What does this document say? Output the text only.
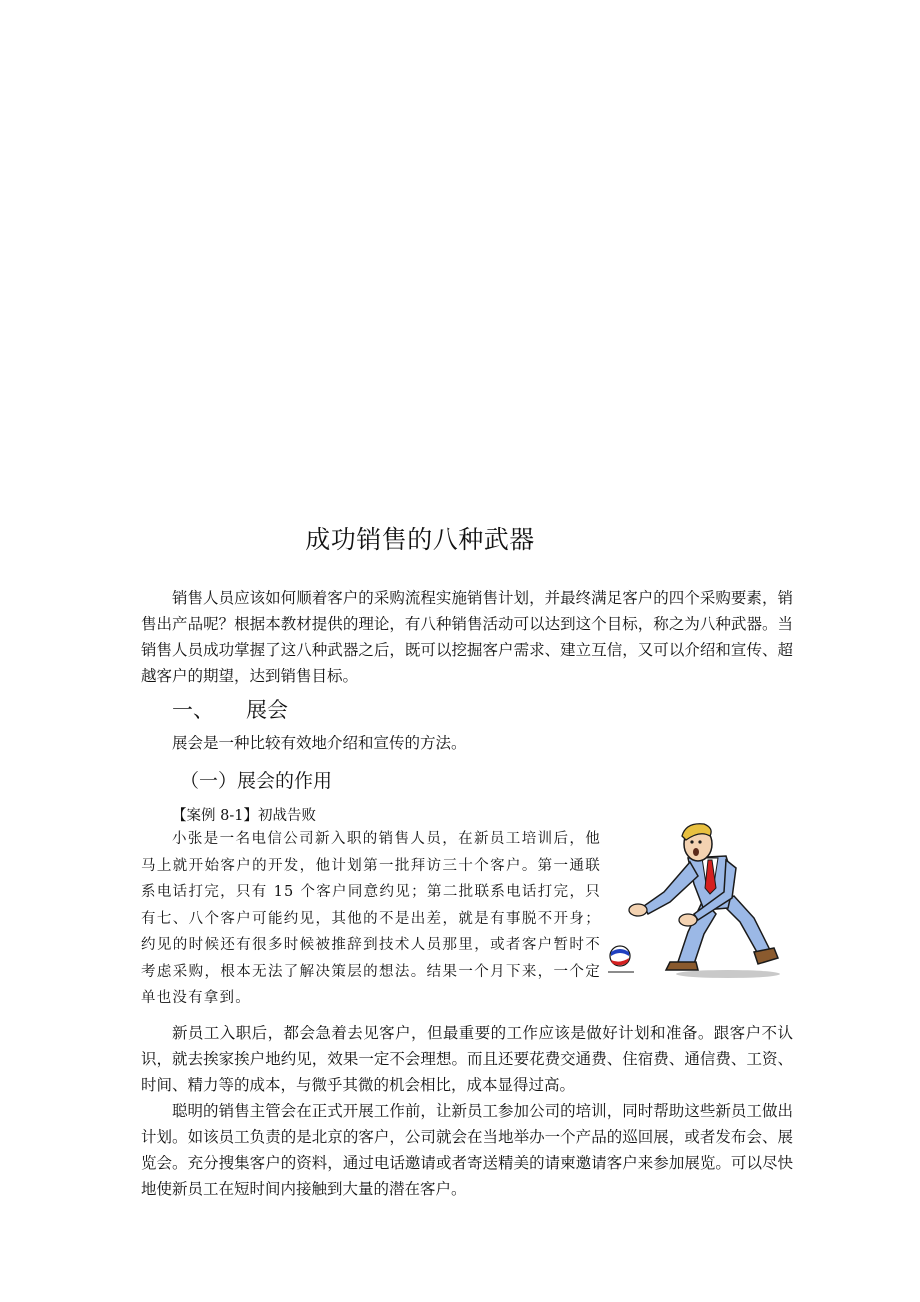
成功销售的八种武器
销售人员应该如何顺着客户的采购流程实施销售计划，并最终满足客户的四个采购要素，销售出产品呢？根据本教材提供的理论，有八种销售活动可以达到这个目标，称之为八种武器。当销售人员成功掌握了这八种武器之后，既可以挖掘客户需求、建立互信，又可以介绍和宣传、超越客户的期望，达到销售目标。
一、 展会
展会是一种比较有效地介绍和宣传的方法。
（一）展会的作用
【案例 8-1】初战告败
小张是一名电信公司新入职的销售人员，在新员工培训后，他马上就开始客户的开发，他计划第一批拜访三十个客户。第一通联系电话打完，只有 15 个客户同意约见；第二批联系电话打完，只有七、八个客户可能约见，其他的不是出差，就是有事脱不开身；约见的时候还有很多时候被推辞到技术人员那里，或者客户暂时不考虑采购，根本无法了解决策层的想法。结果一个月下来，一个定单也没有拿到。
新员工入职后，都会急着去见客户，但最重要的工作应该是做好计划和准备。跟客户不认识，就去挨家挨户地约见，效果一定不会理想。而且还要花费交通费、住宿费、通信费、工资、时间、精力等的成本，与微乎其微的机会相比，成本显得过高。
聪明的销售主管会在正式开展工作前，让新员工参加公司的培训，同时帮助这些新员工做出计划。如该员工负责的是北京的客户，公司就会在当地举办一个产品的巡回展，或者发布会、展览会。充分搜集客户的资料，通过电话邀请或者寄送精美的请柬邀请客户来参加展览。可以尽快地使新员工在短时间内接触到大量的潜在客户。
